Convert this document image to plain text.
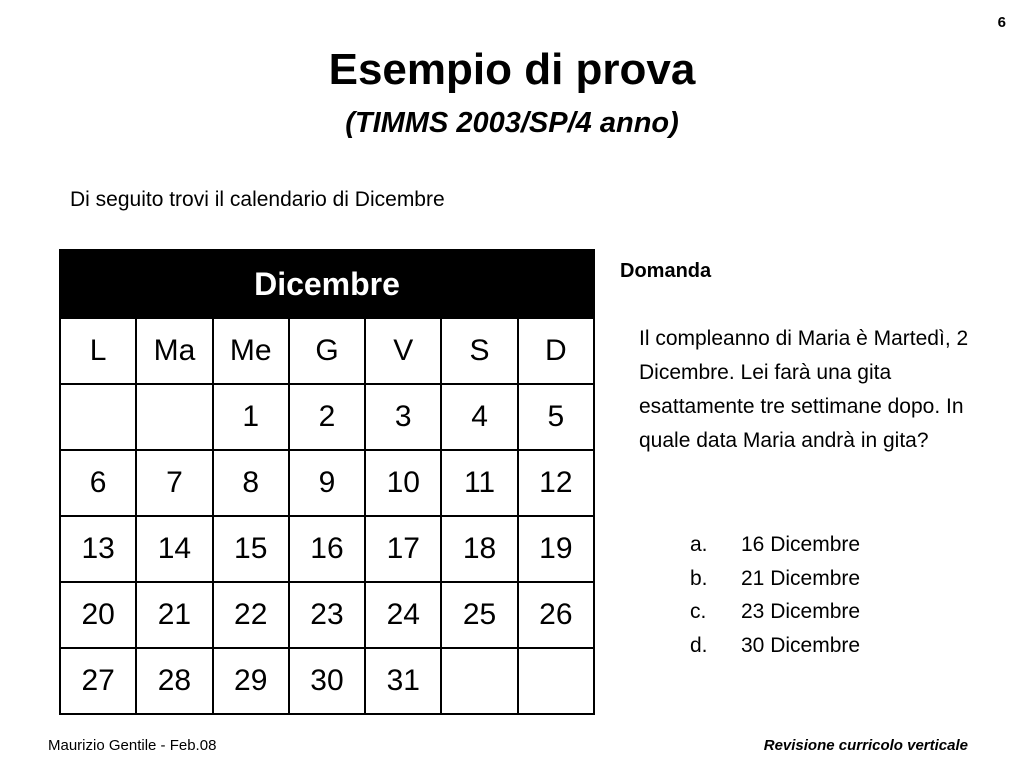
6
Esempio di prova
(TIMMS 2003/SP/4 anno)
Di seguito trovi il calendario di Dicembre
Dicembre						
L	Ma	Me	G	V	S	D
		1	2	3	4	5
6	7	8	9	10	11	12
13	14	15	16	17	18	19
20	21	22	23	24	25	26
27	28	29	30	31		
Domanda
Il compleanno di Maria è Martedì, 2 Dicembre. Lei farà una gita esattamente tre settimane dopo. In quale data Maria andrà in gita?
a.	16 Dicembre
b.	21 Dicembre
c.	23 Dicembre
d.	30 Dicembre
Maurizio Gentile - Feb.08	Revisione curricolo verticale
